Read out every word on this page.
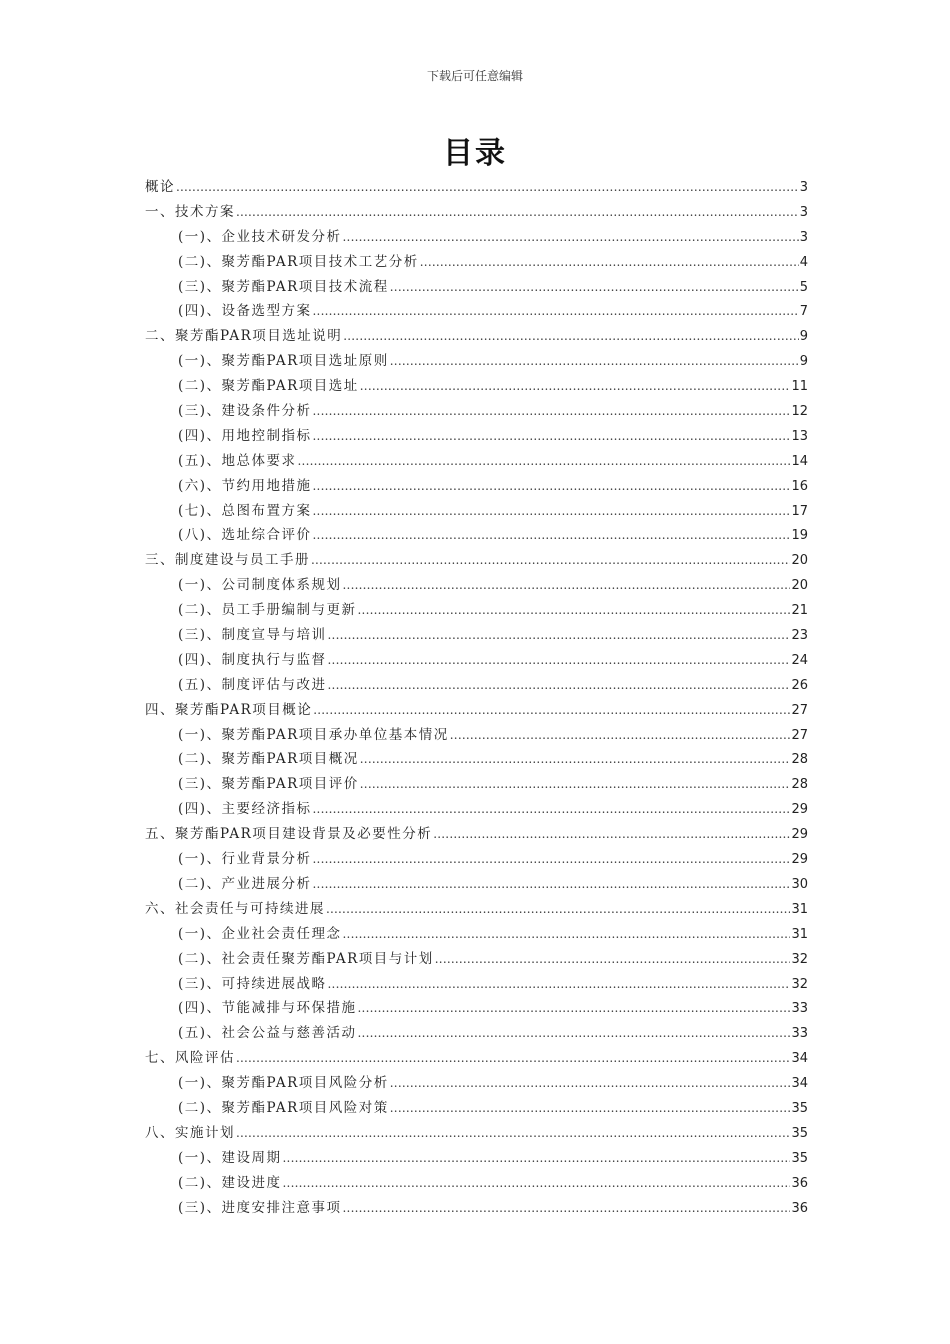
下载后可任意编辑
目录
概论 .....	3
一、技术方案 .....	3
(一)、企业技术研发分析 .....	3
(二)、聚芳酯PAR项目技术工艺分析 .....	4
(三)、聚芳酯PAR项目技术流程 .....	5
(四)、设备选型方案 .....	7
二、聚芳酯PAR项目选址说明 .....	9
(一)、聚芳酯PAR项目选址原则 .....	9
(二)、聚芳酯PAR项目选址 .....	11
(三)、建设条件分析 .....	12
(四)、用地控制指标 .....	13
(五)、地总体要求 .....	14
(六)、节约用地措施 .....	16
(七)、总图布置方案 .....	17
(八)、选址综合评价 .....	19
三、制度建设与员工手册 .....	20
(一)、公司制度体系规划 .....	20
(二)、员工手册编制与更新 .....	21
(三)、制度宣导与培训 .....	23
(四)、制度执行与监督 .....	24
(五)、制度评估与改进 .....	26
四、聚芳酯PAR项目概论 .....	27
(一)、聚芳酯PAR项目承办单位基本情况 .....	27
(二)、聚芳酯PAR项目概况 .....	28
(三)、聚芳酯PAR项目评价 .....	28
(四)、主要经济指标 .....	29
五、聚芳酯PAR项目建设背景及必要性分析 .....	29
(一)、行业背景分析 .....	29
(二)、产业进展分析 .....	30
六、社会责任与可持续进展 .....	31
(一)、企业社会责任理念 .....	31
(二)、社会责任聚芳酯PAR项目与计划 .....	32
(三)、可持续进展战略 .....	32
(四)、节能减排与环保措施 .....	33
(五)、社会公益与慈善活动 .....	33
七、风险评估 .....	34
(一)、聚芳酯PAR项目风险分析 .....	34
(二)、聚芳酯PAR项目风险对策 .....	35
八、实施计划 .....	35
(一)、建设周期 .....	35
(二)、建设进度 .....	36
(三)、进度安排注意事项 .....	36
